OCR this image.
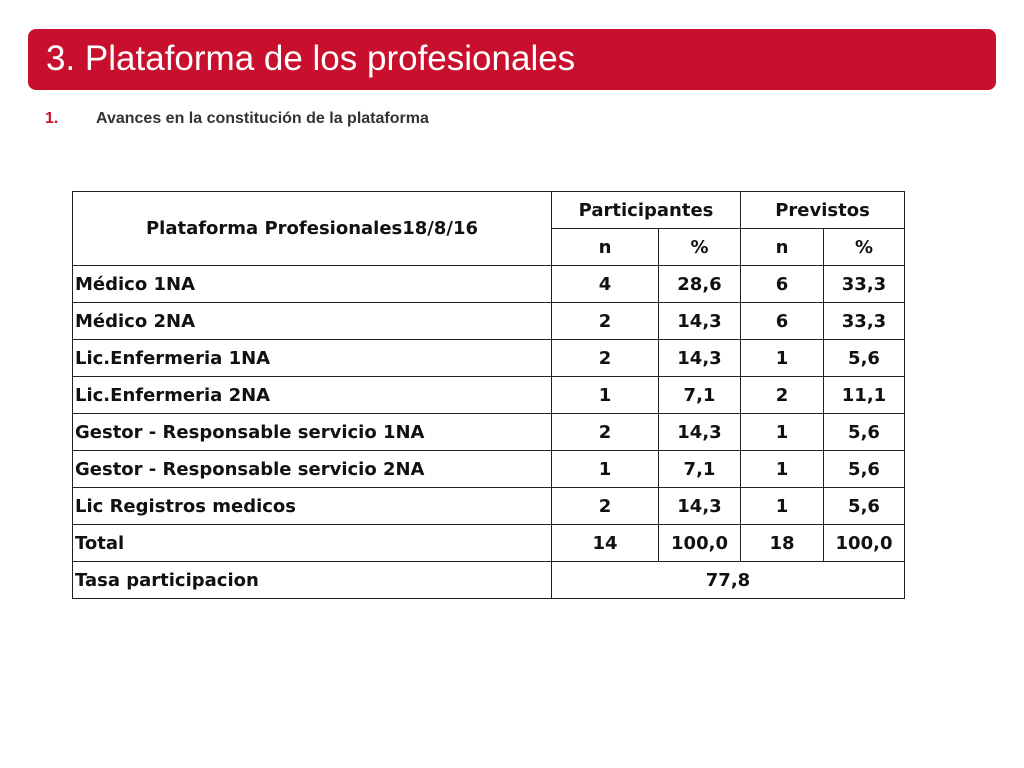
3. Plataforma de los profesionales
1. Avances en la constitución de la plataforma
Plataforma Profesionales18/8/16	Participantes		Previstos	
	n	%	n	%
Médico 1NA	4	28,6	6	33,3
Médico 2NA	2	14,3	6	33,3
Lic.Enfermeria 1NA	2	14,3	1	5,6
Lic.Enfermeria 2NA	1	7,1	2	11,1
Gestor - Responsable servicio 1NA	2	14,3	1	5,6
Gestor - Responsable servicio 2NA	1	7,1	1	5,6
Lic Registros medicos	2	14,3	1	5,6
Total	14	100,0	18	100,0
Tasa participacion	77,8			
